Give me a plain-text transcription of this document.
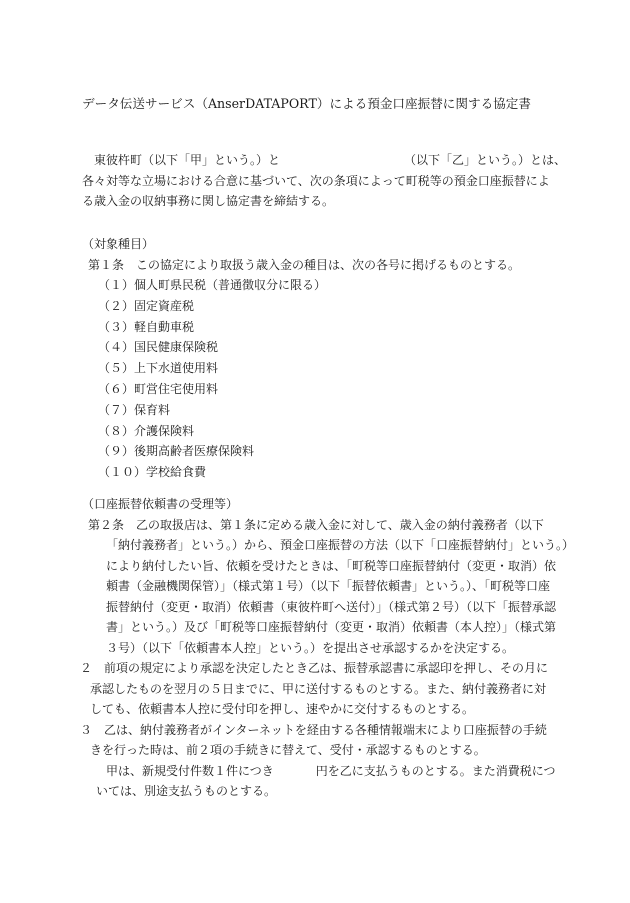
データ伝送サービス（AnserDATAPORT）による預金口座振替に関する協定書

東彼杵町（以下「甲」という。）と	（以下「乙」という。）とは、

各々対等な立場における合意に基づいて、次の条項によって町税等の預金口座振替によ

る歳入金の収納事務に関し協定書を締結する。

（対象種目）

第１条　この協定により取扱う歳入金の種目は、次の各号に掲げるものとする。

（１）個人町県民税（普通徴収分に限る）

（２）固定資産税

（３）軽自動車税

（４）国民健康保険税

（５）上下水道使用料

（６）町営住宅使用料

（７）保育料

（８）介護保険料

（９）後期高齢者医療保険料

（１０）学校給食費

（口座振替依頼書の受理等）

第２条　乙の取扱店は、第１条に定める歳入金に対して、歳入金の納付義務者（以下

「納付義務者」という。）から、預金口座振替の方法（以下「口座振替納付」という。）

により納付したい旨、依頼を受けたときは、「町税等口座振替納付（変更・取消）依

頼書（金融機関保管）」（様式第１号）（以下「振替依頼書」という。）、「町税等口座

振替納付（変更・取消）依頼書（東彼杵町へ送付）」（様式第２号）（以下「振替承認

書」という。）及び「町税等口座振替納付（変更・取消）依頼書（本人控）」（様式第

３号）（以下「依頼書本人控」という。）を提出させ承認するかを決定する。

２　前項の規定により承認を決定したとき乙は、振替承認書に承認印を押し、その月に

承認したものを翌月の５日までに、甲に送付するものとする。また、納付義務者に対

しても、依頼書本人控に受付印を押し、速やかに交付するものとする。

３　乙は、納付義務者がインターネットを経由する各種情報端末により口座振替の手続

きを行った時は、前２項の手続きに替えて、受付・承認するものとする。

甲は、新規受付件数１件につき	円を乙に支払うものとする。また消費税につ

いては、別途支払うものとする。
